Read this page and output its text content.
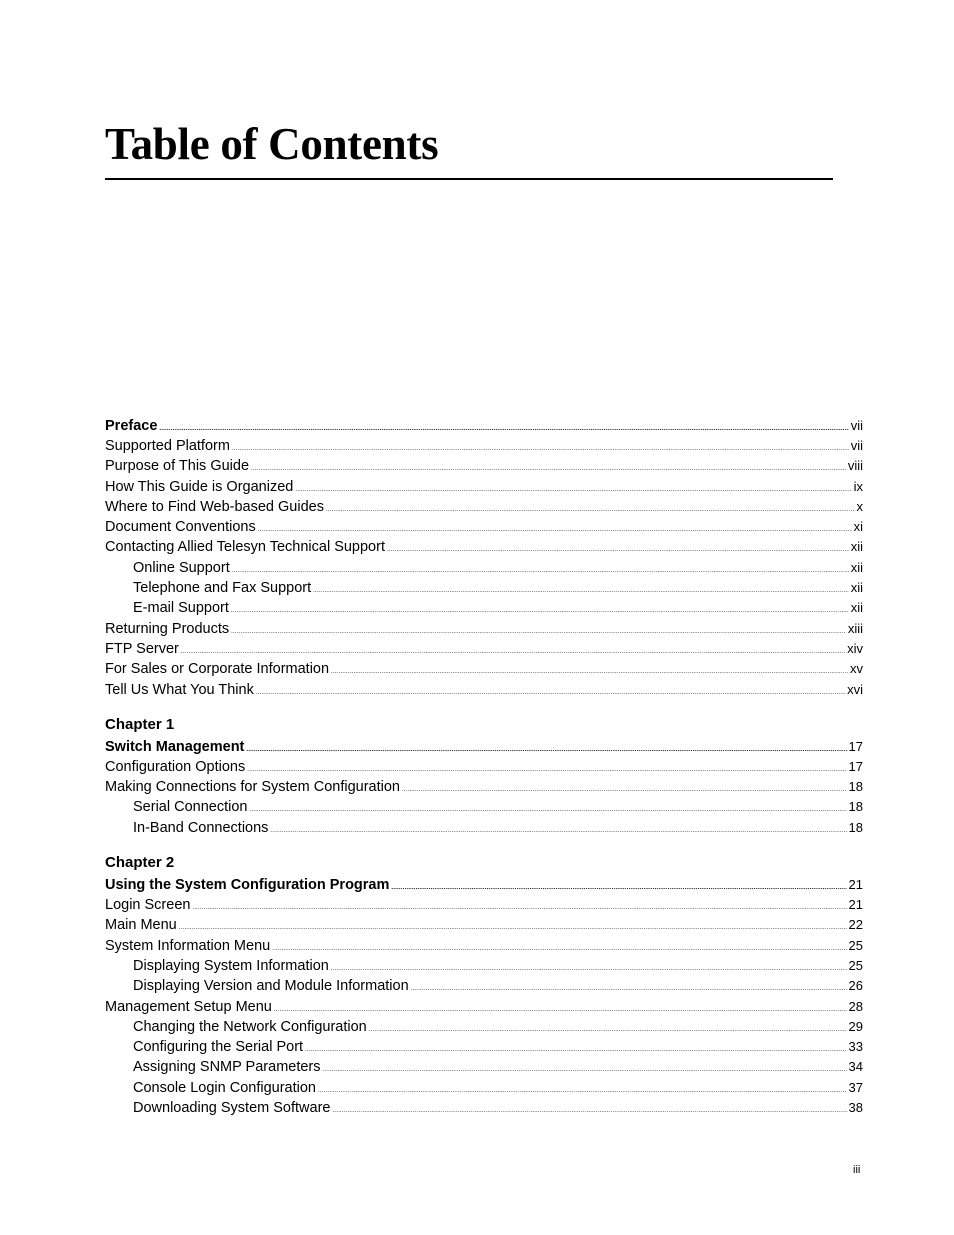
Table of Contents
Preface .....	vii
Supported Platform .....	vii
Purpose of This Guide .....	viii
How This Guide is Organized .....	ix
Where to Find Web-based Guides .....	x
Document Conventions .....	xi
Contacting Allied Telesyn Technical Support .....	xii
Online Support .....	xii
Telephone and Fax Support .....	xii
E-mail Support .....	xii
Returning Products .....	xiii
FTP Server .....	xiv
For Sales or Corporate Information .....	xv
Tell Us What You Think .....	xvi
Chapter 1
Switch Management .....	17
Configuration Options .....	17
Making Connections for System Configuration .....	18
Serial Connection .....	18
In-Band Connections .....	18
Chapter 2
Using the System Configuration Program .....	21
Login Screen .....	21
Main Menu .....	22
System Information Menu .....	25
Displaying System Information .....	25
Displaying Version and Module Information .....	26
Management Setup Menu .....	28
Changing the Network Configuration .....	29
Configuring the Serial Port .....	33
Assigning SNMP Parameters .....	34
Console Login Configuration .....	37
Downloading System Software .....	38
iii
